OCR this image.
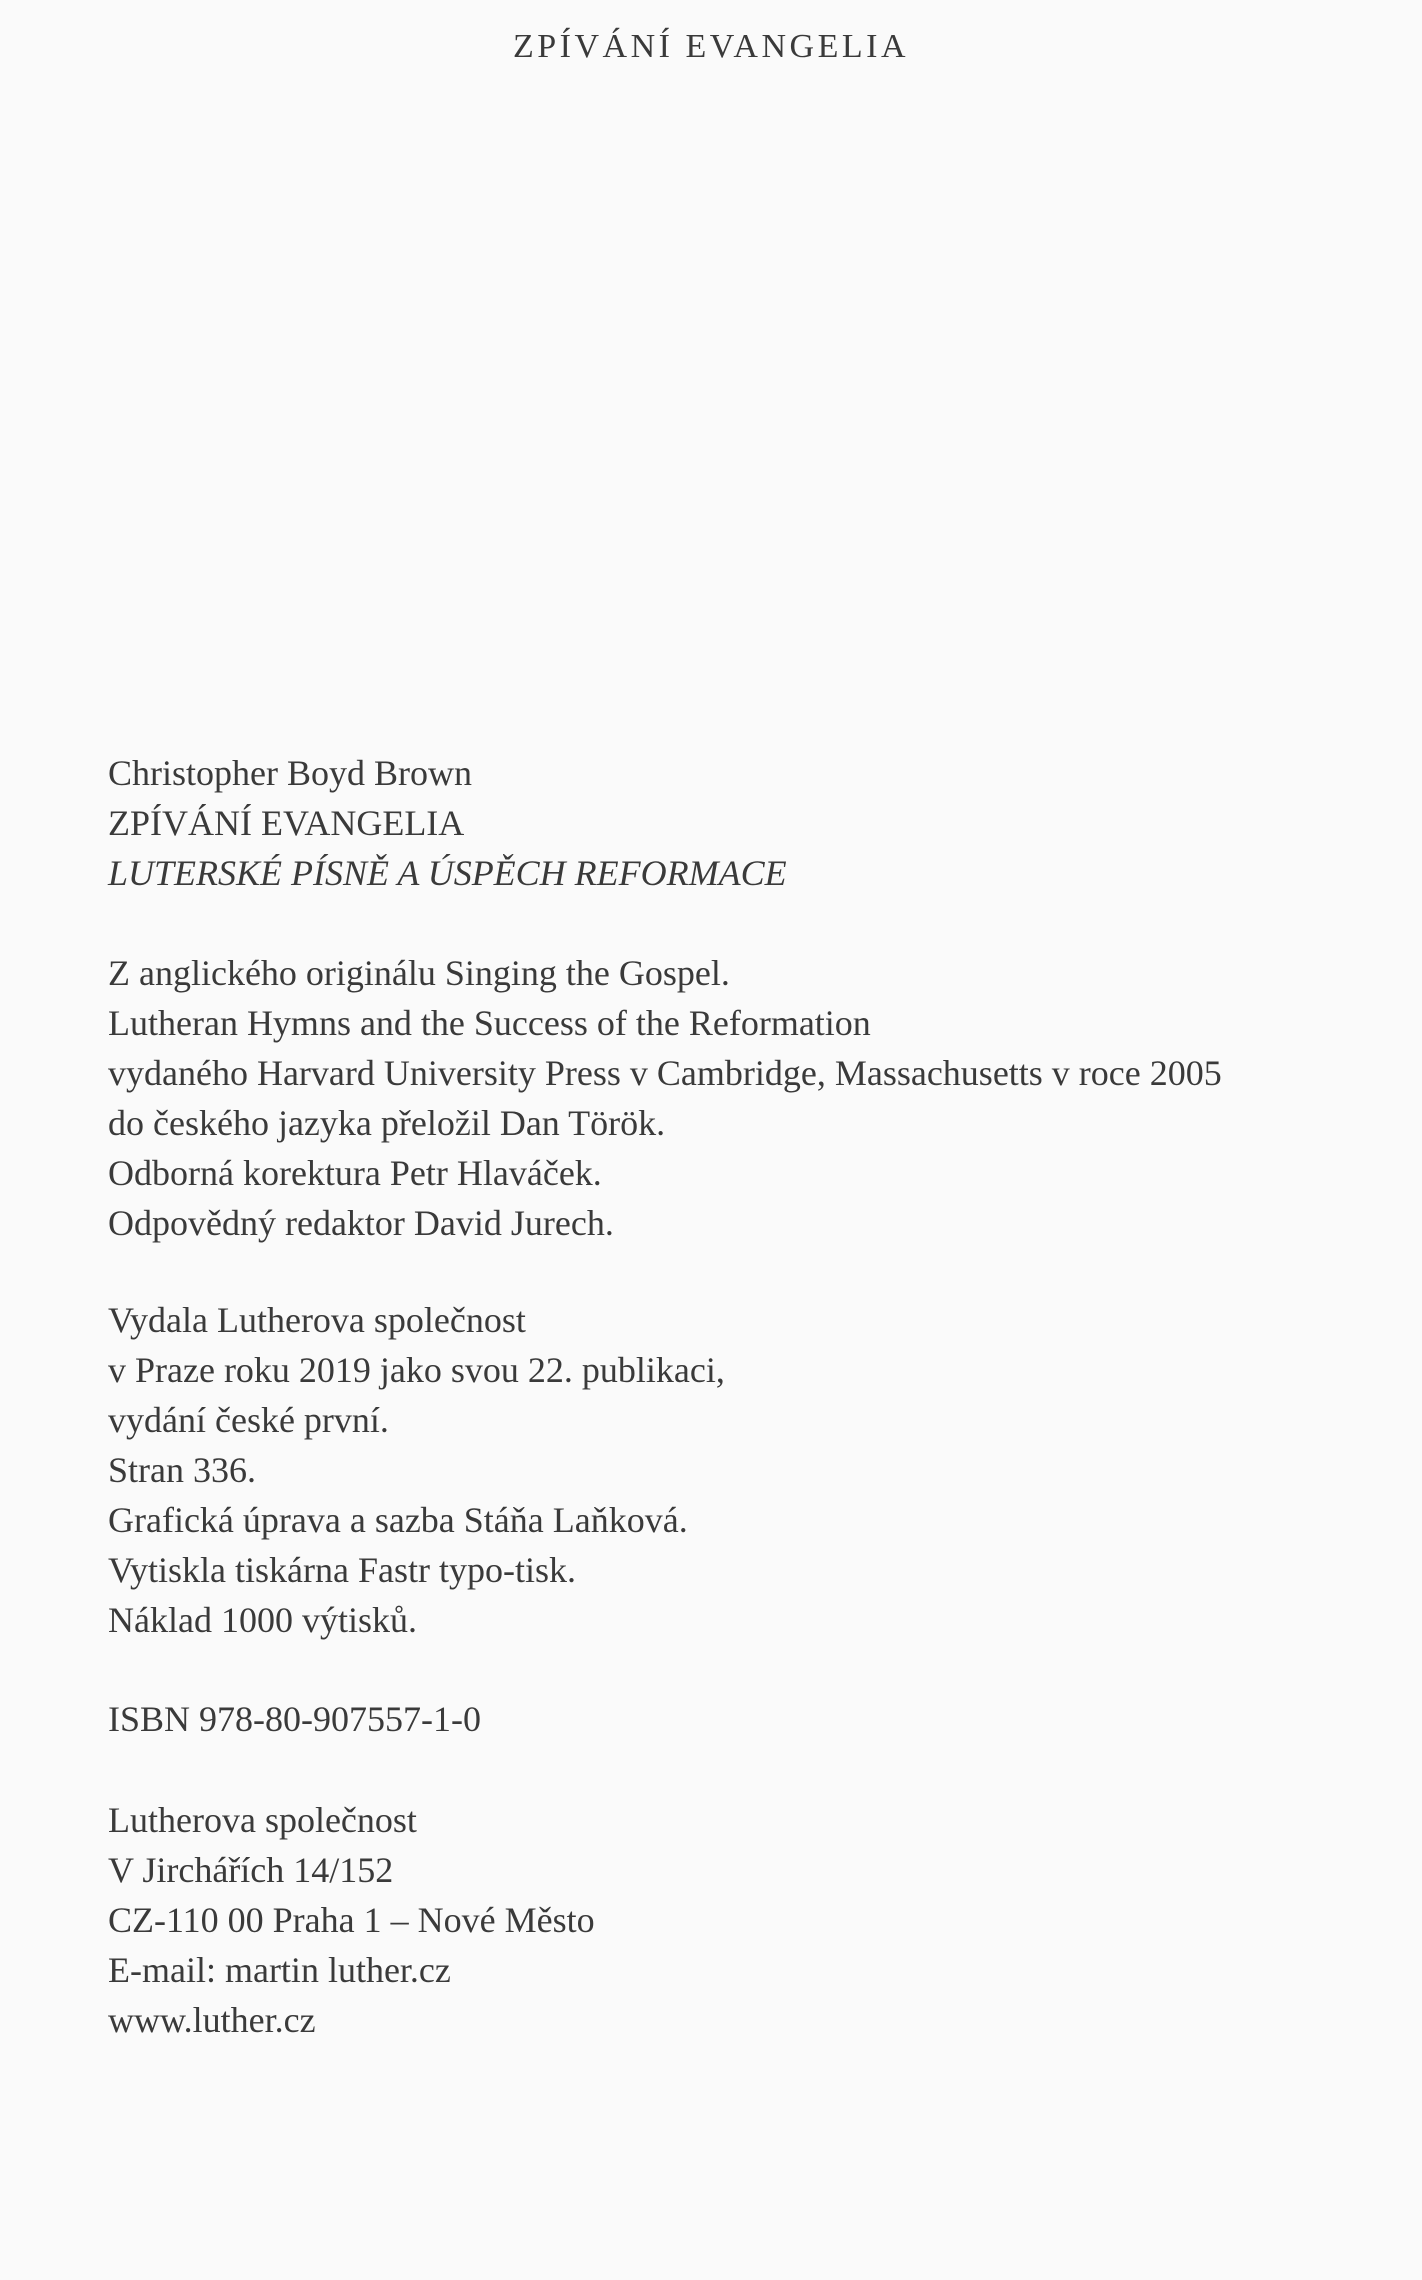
ZPÍVÁNÍ EVANGELIA
Christopher Boyd Brown
ZPÍVÁNÍ EVANGELIA
LUTERSKÉ PÍSNĚ A ÚSPĚCH REFORMACE
Z anglického originálu Singing the Gospel.
Lutheran Hymns and the Success of the Reformation
vydaného Harvard University Press v Cambridge, Massachusetts v roce 2005
do českého jazyka přeložil Dan Török.
Odborná korektura Petr Hlaváček.
Odpovědný redaktor David Jurech.
Vydala Lutherova společnost
v Praze roku 2019 jako svou 22. publikaci,
vydání české první.
Stran 336.
Grafická úprava a sazba Stáňa Laňková.
Vytiskla tiskárna Fastr typo-tisk.
Náklad 1000 výtisků.
ISBN 978-80-907557-1-0
Lutherova společnost
V Jirchářích 14/152
CZ-110 00 Praha 1 – Nové Město
E-mail: martin luther.cz
www.luther.cz
